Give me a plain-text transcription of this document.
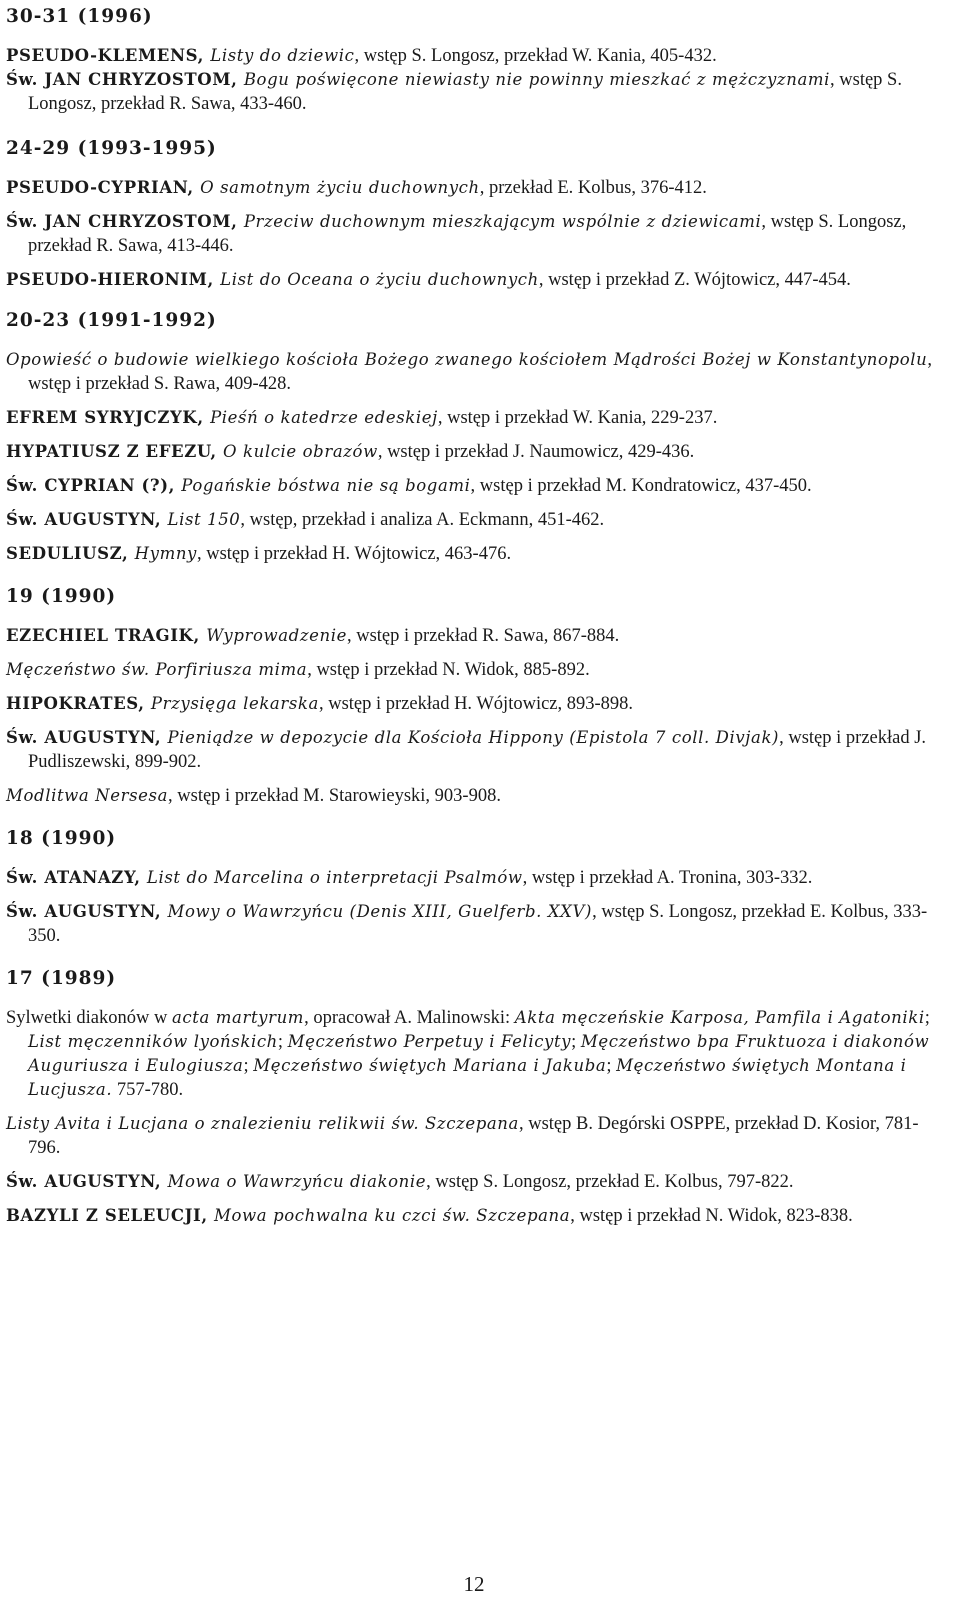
30-31 (1996)

PSEUDO-KLEMENS, Listy do dziewic, wstęp S. Longosz, przekład W. Kania, 405-432.

Św. JAN CHRYZOSTOM, Bogu poświęcone niewiasty nie powinny mieszkać z mężczyznami, wstęp S. Longosz, przekład R. Sawa, 433-460.

24-29 (1993-1995)

PSEUDO-CYPRIAN, O samotnym życiu duchownych, przekład E. Kolbus, 376-412.

Św. JAN CHRYZOSTOM, Przeciw duchownym mieszkającym wspólnie z dziewicami, wstęp S. Longosz, przekład R. Sawa, 413-446.

PSEUDO-HIERONIM, List do Oceana o życiu duchownych, wstęp i przekład Z. Wójtowicz, 447-454.

20-23 (1991-1992)

Opowieść o budowie wielkiego kościoła Bożego zwanego kościołem Mądrości Bożej w Konstantynopolu, wstęp i przekład S. Rawa, 409-428.

EFREM SYRYJCZYK, Pieśń o katedrze edeskiej, wstęp i przekład W. Kania, 229-237.

HYPATIUSZ Z EFEZU, O kulcie obrazów, wstęp i przekład J. Naumowicz, 429-436.

Św. CYPRIAN (?), Pogańskie bóstwa nie są bogami, wstęp i przekład M. Kondratowicz, 437-450.

Św. AUGUSTYN, List 150, wstęp, przekład i analiza A. Eckmann, 451-462.

SEDULIUSZ, Hymny, wstęp i przekład H. Wójtowicz, 463-476.

19 (1990)

EZECHIEL TRAGIK, Wyprowadzenie, wstęp i przekład R. Sawa, 867-884.

Męczeństwo św. Porfiriusza mima, wstęp i przekład N. Widok, 885-892.

HIPOKRATES, Przysięga lekarska, wstęp i przekład H. Wójtowicz, 893-898.

Św. AUGUSTYN, Pieniądze w depozycie dla Kościoła Hippony (Epistola 7 coll. Divjak), wstęp i przekład J. Pudliszewski, 899-902.

Modlitwa Nersesa, wstęp i przekład M. Starowieyski, 903-908.

18 (1990)

Św. ATANAZY, List do Marcelina o interpretacji Psalmów, wstęp i przekład A. Tronina, 303-332.

Św. AUGUSTYN, Mowy o Wawrzyńcu (Denis XIII, Guelferb. XXV), wstęp S. Longosz, przekład E. Kolbus, 333-350.

17 (1989)

Sylwetki diakonów w acta martyrum, opracował A. Malinowski: Akta męczeńskie Karposa, Pamfila i Agatoniki; List męczenników lyońskich; Męczeństwo Perpetuy i Felicyty; Męczeństwo bpa Fruktuoza i diakonów Auguriusza i Eulogiusza; Męczeństwo świętych Mariana i Jakuba; Męczeństwo świętych Montana i Lucjusza. 757-780.

Listy Avita i Lucjana o znalezieniu relikwii św. Szczepana, wstęp B. Degórski OSPPE, przekład D. Kosior, 781-796.

Św. AUGUSTYN, Mowa o Wawrzyńcu diakonie, wstęp S. Longosz, przekład E. Kolbus, 797-822.

BAZYLI Z SELEUCJI, Mowa pochwalna ku czci św. Szczepana, wstęp i przekład N. Widok, 823-838.

12
